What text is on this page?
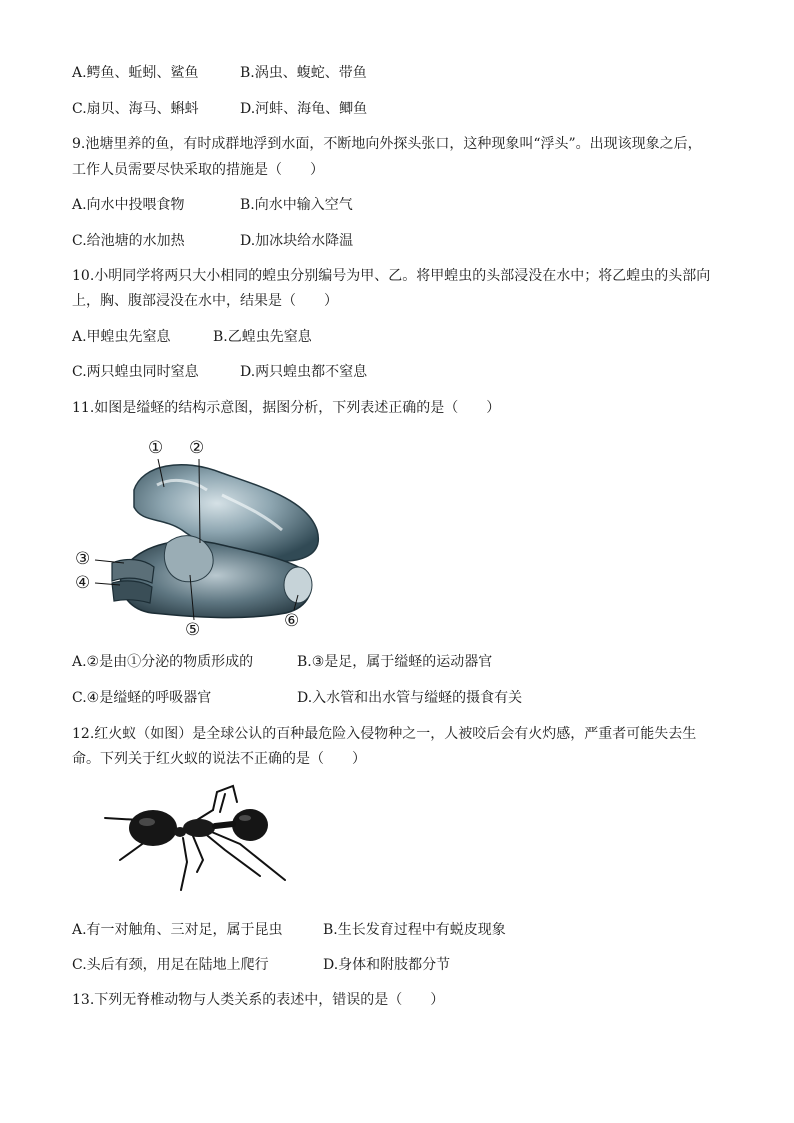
A.鳄鱼、蚯蚓、鲨鱼	B.涡虫、蝮蛇、带鱼
C.扇贝、海马、蝌蚪	D.河蚌、海龟、鲫鱼
9.池塘里养的鱼，有时成群地浮到水面，不断地向外探头张口，这种现象叫“浮头”。出现该现象之后，
工作人员需要尽快采取的措施是（　　）
A.向水中投喂食物	B.向水中输入空气
C.给池塘的水加热	D.加冰块给水降温
10.小明同学将两只大小相同的蝗虫分别编号为甲、乙。将甲蝗虫的头部浸没在水中；将乙蝗虫的头部向
上，胸、腹部浸没在水中，结果是（　　）
A.甲蝗虫先窒息	B.乙蝗虫先窒息
C.两只蝗虫同时窒息	D.两只蝗虫都不窒息
11.如图是缢蛏的结构示意图，据图分析，下列表述正确的是（　　）
① ②
③
④
⑤	⑥
A.②是由①分泌的物质形成的	B.③是足，属于缢蛏的运动器官
C.④是缢蛏的呼吸器官	D.入水管和出水管与缢蛏的摄食有关
12.红火蚁（如图）是全球公认的百种最危险入侵物种之一，人被咬后会有火灼感，严重者可能失去生
命。下列关于红火蚁的说法不正确的是（　　）
A.有一对触角、三对足，属于昆虫	B.生长发育过程中有蜕皮现象
C.头后有颈，用足在陆地上爬行	D.身体和附肢都分节
13.下列无脊椎动物与人类关系的表述中，错误的是（　　）
